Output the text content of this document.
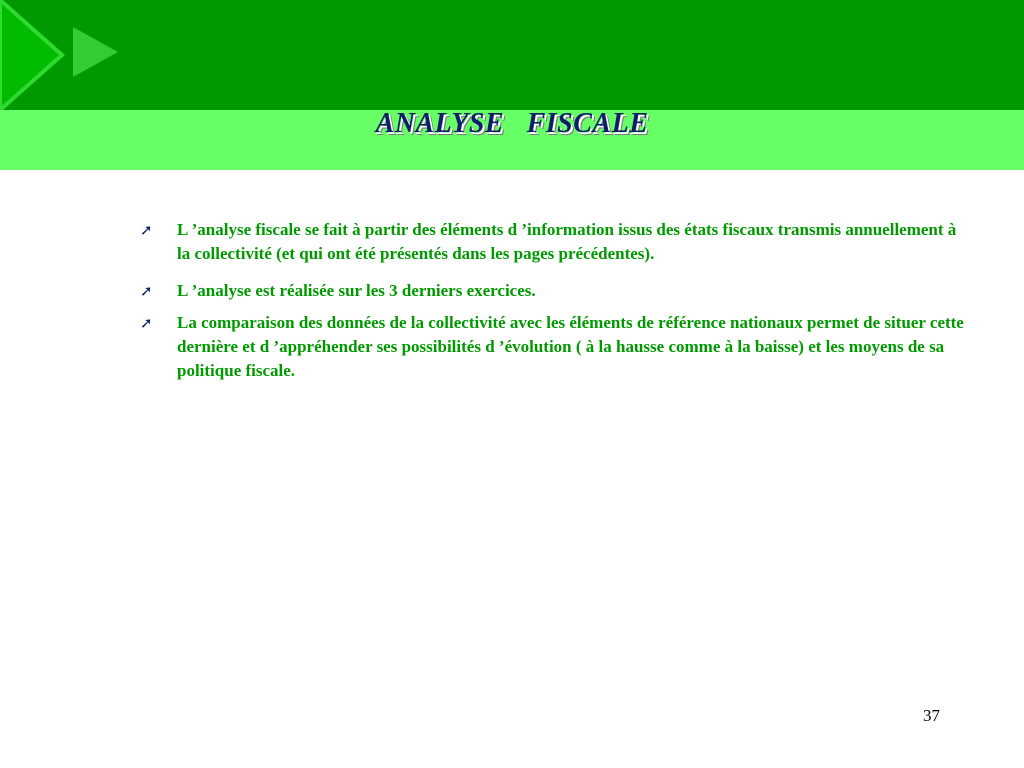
ANALYSE   FISCALE
➚	L ’analyse fiscale se fait à partir des éléments d ’information issus des états fiscaux transmis annuellement à la collectivité (et qui ont été présentés dans les pages précédentes).
➚	L ’analyse est réalisée sur les 3 derniers exercices.
➚	La comparaison des données de la collectivité avec les éléments de référence nationaux permet de situer cette dernière et d ’appréhender ses possibilités d ’évolution ( à la hausse comme à la baisse) et les moyens de sa politique fiscale.
37
